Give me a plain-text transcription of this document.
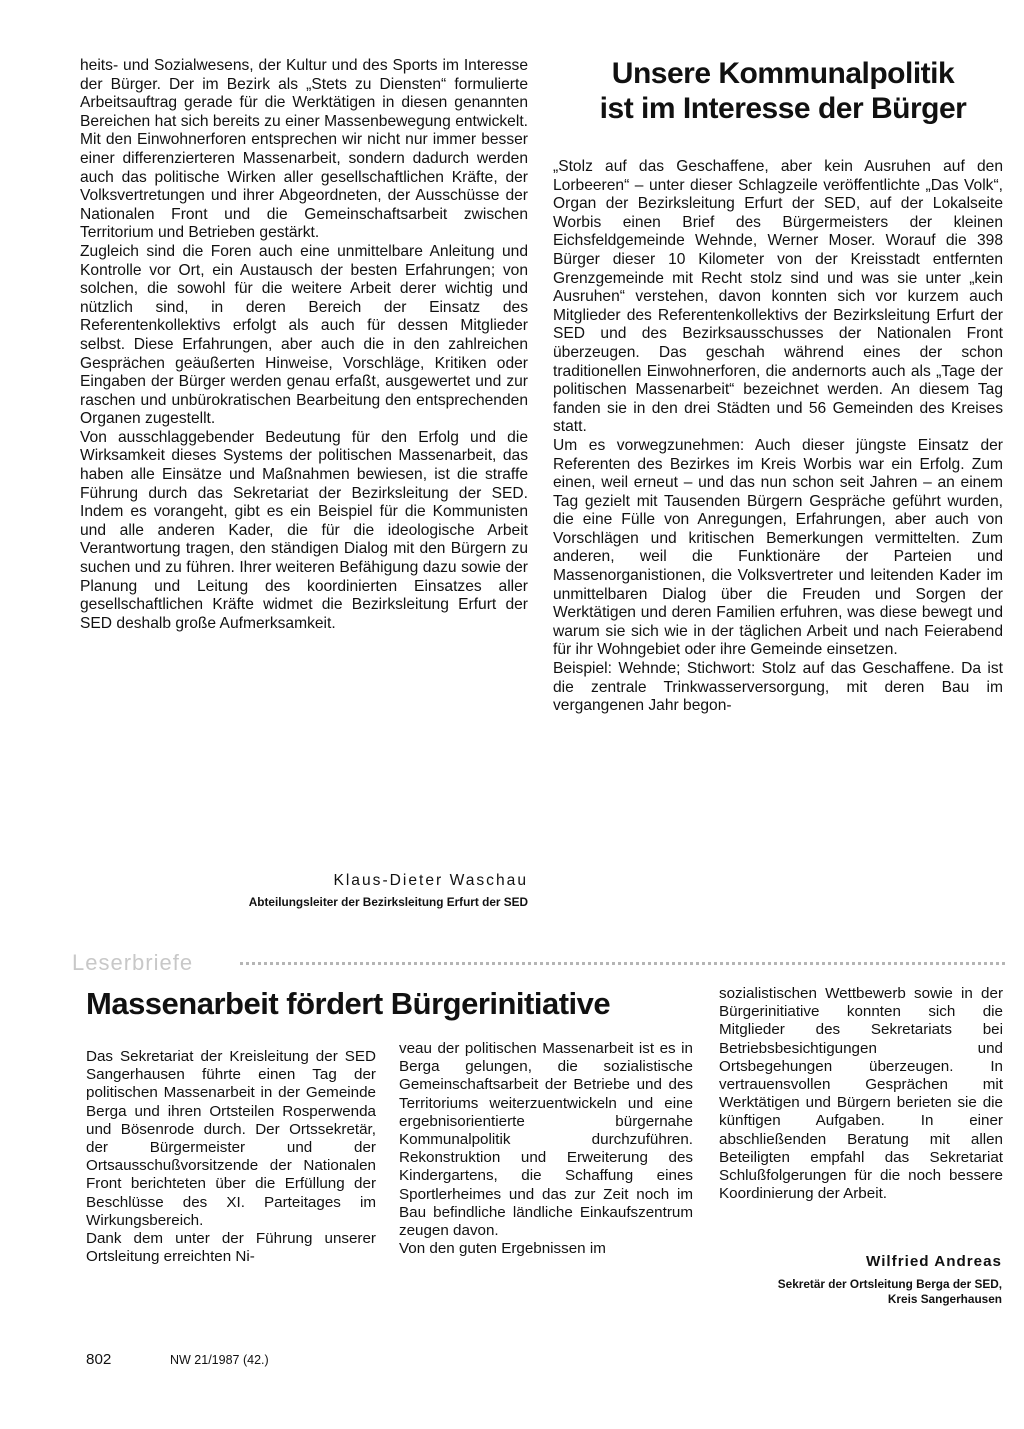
heits- und Sozialwesens, der Kultur und des Sports im Interesse der Bürger. Der im Bezirk als „Stets zu Diensten“ formulierte Arbeitsauftrag gerade für die Werktätigen in diesen genannten Bereichen hat sich bereits zu einer Massenbewegung entwickelt. Mit den Einwohnerforen entsprechen wir nicht nur immer besser einer differenzierteren Massenarbeit, sondern dadurch werden auch das politische Wirken aller gesellschaftlichen Kräfte, der Volksvertretungen und ihrer Abgeordneten, der Ausschüsse der Nationalen Front und die Gemeinschaftsarbeit zwischen Territorium und Betrieben gestärkt.

Zugleich sind die Foren auch eine unmittelbare Anleitung und Kontrolle vor Ort, ein Austausch der besten Erfahrungen; von solchen, die sowohl für die weitere Arbeit derer wichtig und nützlich sind, in deren Bereich der Einsatz des Referentenkollektivs erfolgt als auch für dessen Mitglieder selbst. Diese Erfahrungen, aber auch die in den zahlreichen Gesprächen geäußerten Hinweise, Vorschläge, Kritiken oder Eingaben der Bürger werden genau erfaßt, ausgewertet und zur raschen und unbürokratischen Bearbeitung den entsprechenden Organen zugestellt.

Von ausschlaggebender Bedeutung für den Erfolg und die Wirksamkeit dieses Systems der politischen Massenarbeit, das haben alle Einsätze und Maßnahmen bewiesen, ist die straffe Führung durch das Sekretariat der Bezirksleitung der SED. Indem es vorangeht, gibt es ein Beispiel für die Kommunisten und alle anderen Kader, die für die ideologische Arbeit Verantwortung tragen, den ständigen Dialog mit den Bürgern zu suchen und zu führen. Ihrer weiteren Befähigung dazu sowie der Planung und Leitung des koordinierten Einsatzes aller gesellschaftlichen Kräfte widmet die Bezirksleitung Erfurt der SED deshalb große Aufmerksamkeit.

Klaus-Dieter Waschau
Abteilungsleiter der Bezirksleitung Erfurt der SED
Unsere Kommunalpolitik
ist im Interesse der Bürger

„Stolz auf das Geschaffene, aber kein Ausruhen auf den Lorbeeren“ – unter dieser Schlagzeile veröffentlichte „Das Volk“, Organ der Bezirksleitung Erfurt der SED, auf der Lokalseite Worbis einen Brief des Bürgermeisters der kleinen Eichsfeldgemeinde Wehnde, Werner Moser. Worauf die 398 Bürger dieser 10 Kilometer von der Kreisstadt entfernten Grenzgemeinde mit Recht stolz sind und was sie unter „kein Ausruhen“ verstehen, davon konnten sich vor kurzem auch Mitglieder des Referentenkollektivs der Bezirksleitung Erfurt der SED und des Bezirksausschusses der Nationalen Front überzeugen. Das geschah während eines der schon traditionellen Einwohnerforen, die andernorts auch als „Tage der politischen Massenarbeit“ bezeichnet werden. An diesem Tag fanden sie in den drei Städten und 56 Gemeinden des Kreises statt.

Um es vorwegzunehmen: Auch dieser jüngste Einsatz der Referenten des Bezirkes im Kreis Worbis war ein Erfolg. Zum einen, weil erneut – und das nun schon seit Jahren – an einem Tag gezielt mit Tausenden Bürgern Gespräche geführt wurden, die eine Fülle von Anregungen, Erfahrungen, aber auch von Vorschlägen und kritischen Bemerkungen vermittelten. Zum anderen, weil die Funktionäre der Parteien und Massenorganistionen, die Volksvertreter und leitenden Kader im unmittelbaren Dialog über die Freuden und Sorgen der Werktätigen und deren Familien erfuhren, was diese bewegt und warum sie sich wie in der täglichen Arbeit und nach Feierabend für ihr Wohngebiet oder ihre Gemeinde einsetzen.

Beispiel: Wehnde; Stichwort: Stolz auf das Geschaffene. Da ist die zentrale Trinkwasserversorgung, mit deren Bau im vergangenen Jahr begon-

Leserbriefe
Massenarbeit fördert Bürgerinitiative

Das Sekretariat der Kreisleitung der SED Sangerhausen führte einen Tag der politischen Massenarbeit in der Gemeinde Berga und ihren Ortsteilen Rosperwenda und Bösenrode durch. Der Ortssekretär, der Bürgermeister und der Ortsausschußvorsitzende der Nationalen Front berichteten über die Erfüllung der Beschlüsse des XI. Parteitages im Wirkungsbereich.

Dank dem unter der Führung unserer Ortsleitung erreichten Ni-

veau der politischen Massenarbeit ist es in Berga gelungen, die sozialistische Gemeinschaftsarbeit der Betriebe und des Territoriums weiterzuentwickeln und eine ergebnisorientierte bürgernahe Kommunalpolitik durchzuführen. Rekonstruktion und Erweiterung des Kindergartens, die Schaffung eines Sportlerheimes und das zur Zeit noch im Bau befindliche ländliche Einkaufszentrum zeugen davon.

Von den guten Ergebnissen im

sozialistischen Wettbewerb sowie in der Bürgerinitiative konnten sich die Mitglieder des Sekretariats bei Betriebsbesichtigungen und Ortsbegehungen überzeugen. In vertrauensvollen Gesprächen mit Werktätigen und Bürgern berieten sie die künftigen Aufgaben. In einer abschließenden Beratung mit allen Beteiligten empfahl das Sekretariat Schlußfolgerungen für die noch bessere Koordinierung der Arbeit.

Wilfried Andreas
Sekretär der Ortsleitung Berga der SED,
Kreis Sangerhausen
802	NW 21/1987 (42.)
